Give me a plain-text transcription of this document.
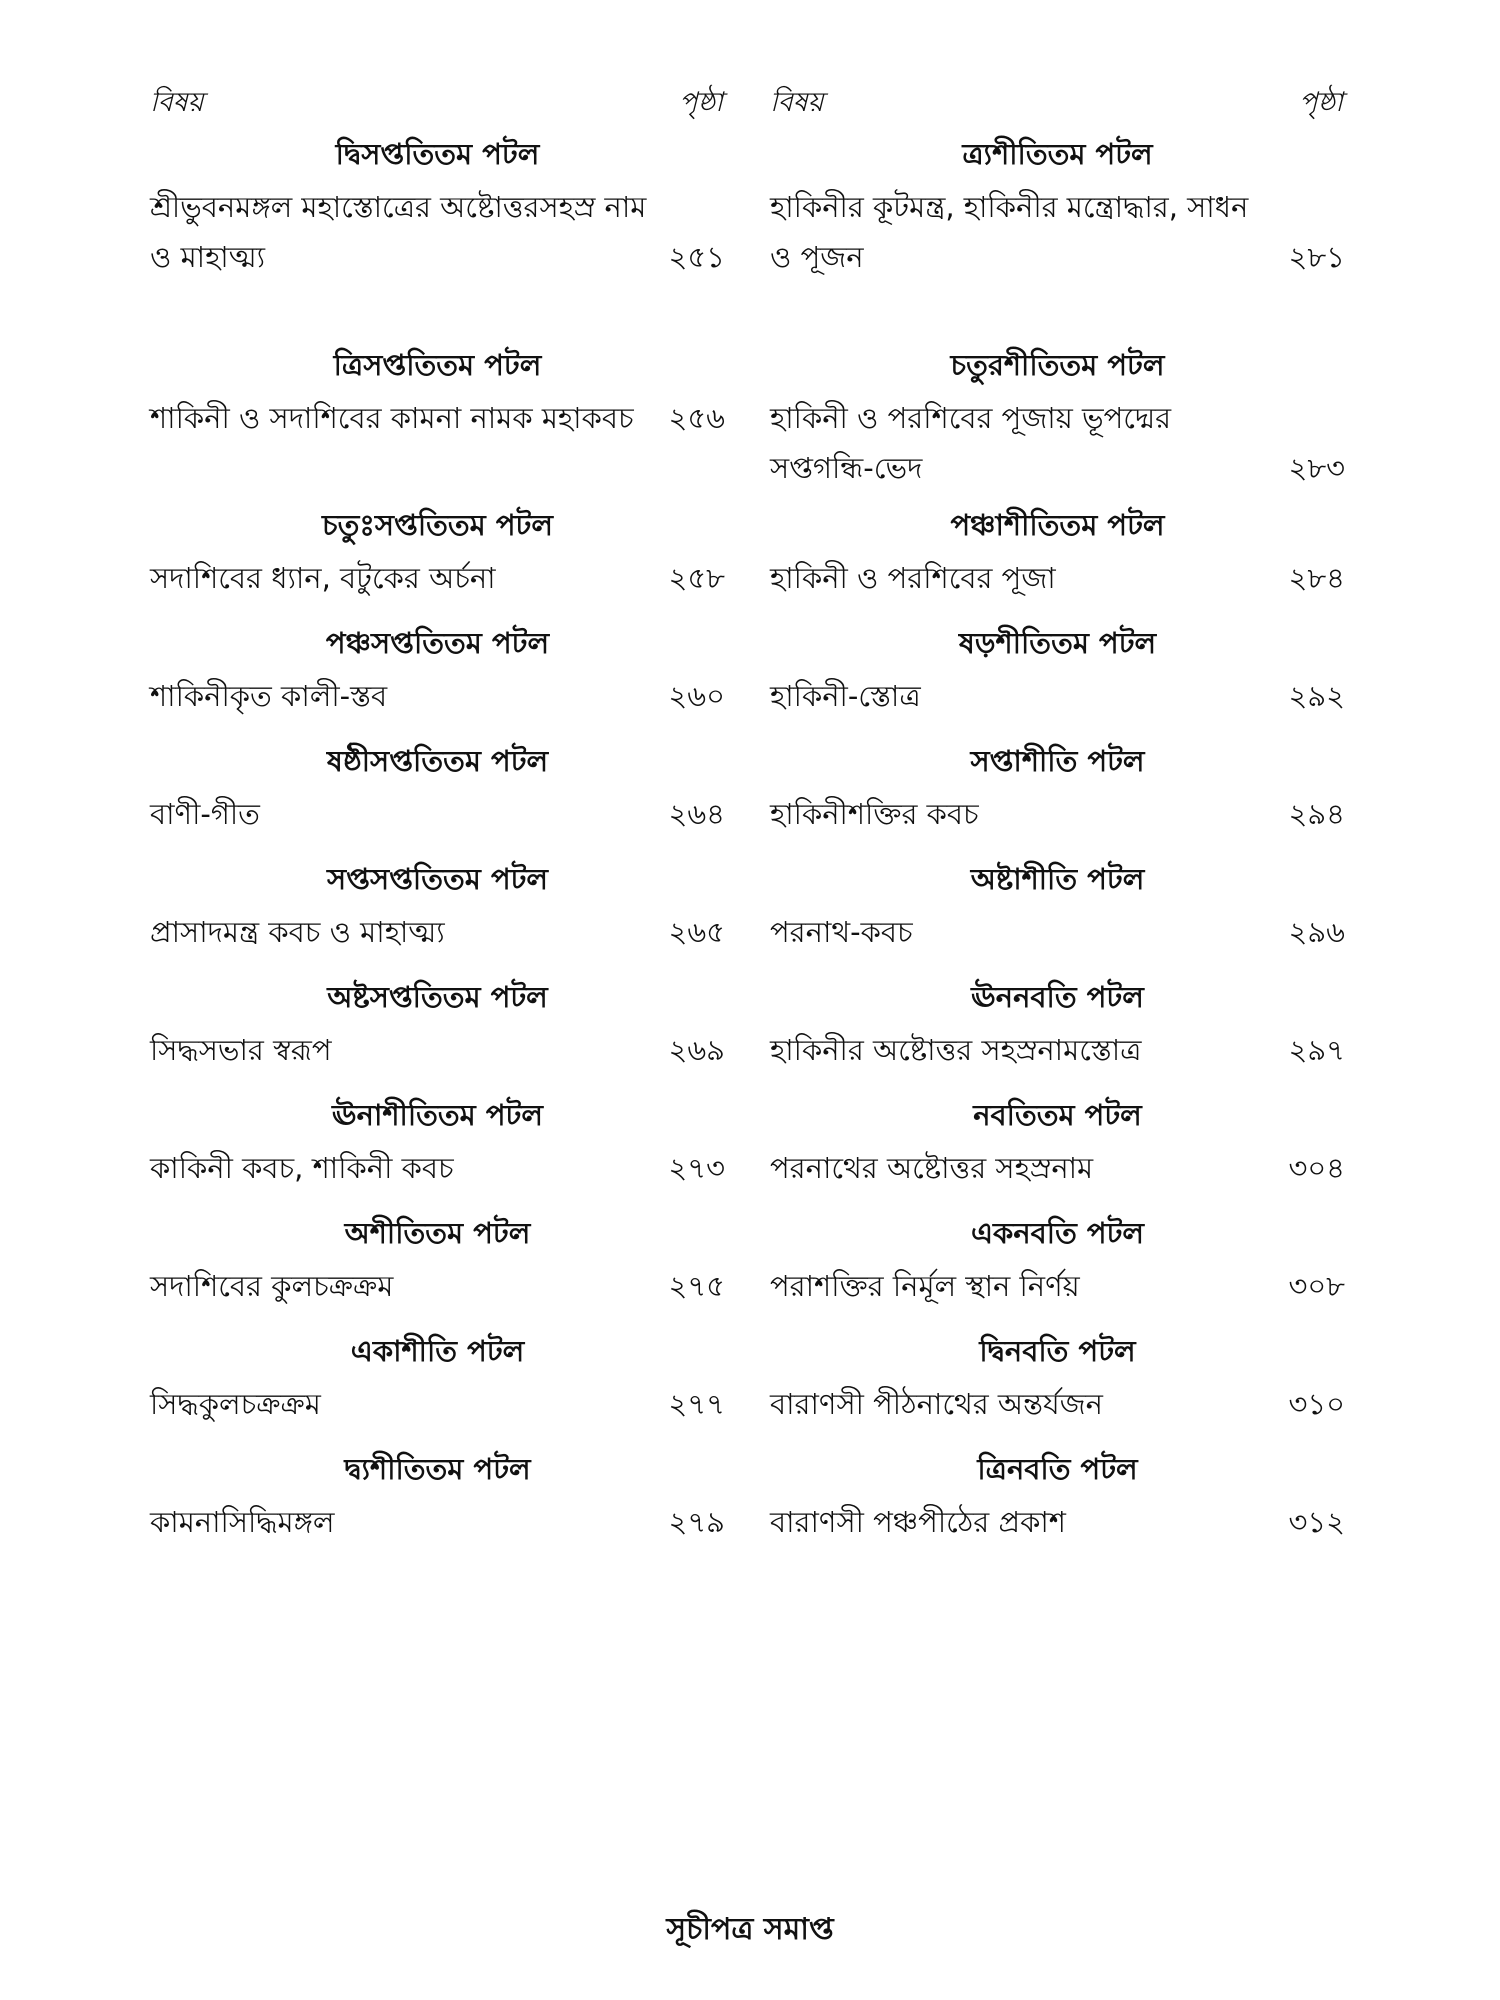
বিষয়	পৃষ্ঠা
দ্বিসপ্ততিতম পটল
শ্রীভুবনমঙ্গল মহাস্তোত্রের অষ্টোত্তরসহস্র নাম ও মাহাত্ম্য	২৫১
ত্রিসপ্ততিতম পটল
শাকিনী ও সদাশিবের কামনা নামক মহাকবচ ২৫৬
চতুঃসপ্ততিতম পটল
সদাশিবের ধ্যান, বটুকের অর্চনা	২৫৮
পঞ্চসপ্ততিতম পটল
শাকিনীকৃত কালী-স্তব	২৬০
ষষ্ঠীসপ্ততিতম পটল
বাণী-গীত	২৬৪
সপ্তসপ্ততিতম পটল
প্রাসাদমন্ত্র কবচ ও মাহাত্ম্য	২৬৫
অষ্টসপ্ততিতম পটল
সিদ্ধসভার স্বরূপ	২৬৯
ঊনাশীতিতম পটল
কাকিনী কবচ, শাকিনী কবচ	২৭৩
অশীতিতম পটল
সদাশিবের কুলচক্রক্রম	২৭৫
একাশীতি পটল
সিদ্ধকুলচক্রক্রম	২৭৭
দ্ব্যশীতিতম পটল
কামনাসিদ্ধিমঙ্গল	২৭৯
বিষয়	পৃষ্ঠা
ত্র্যশীতিতম পটল
হাকিনীর কূটমন্ত্র, হাকিনীর মন্ত্রোদ্ধার, সাধন ও পূজন	২৮১
চতুরশীতিতম পটল
হাকিনী ও পরশিবের পূজায় ভূপদ্মের সপ্তগন্ধি-ভেদ	২৮৩
পঞ্চাশীতিতম পটল
হাকিনী ও পরশিবের পূজা	২৮৪
ষড়শীতিতম পটল
হাকিনী-স্তোত্র	২৯২
সপ্তাশীতি পটল
হাকিনীশক্তির কবচ	২৯৪
অষ্টাশীতি পটল
পরনাথ-কবচ	২৯৬
ঊননবতি পটল
হাকিনীর অষ্টোত্তর সহস্রনামস্তোত্র	২৯৭
নবতিতম পটল
পরনাথের অষ্টোত্তর সহস্রনাম	৩০৪
একনবতি পটল
পরাশক্তির নির্মূল স্থান নির্ণয়	৩০৮
দ্বিনবতি পটল
বারাণসী পীঠনাথের অন্তর্যজন	৩১০
ত্রিনবতি পটল
বারাণসী পঞ্চপীঠের প্রকাশ	৩১২
সূচীপত্র সমাপ্ত
